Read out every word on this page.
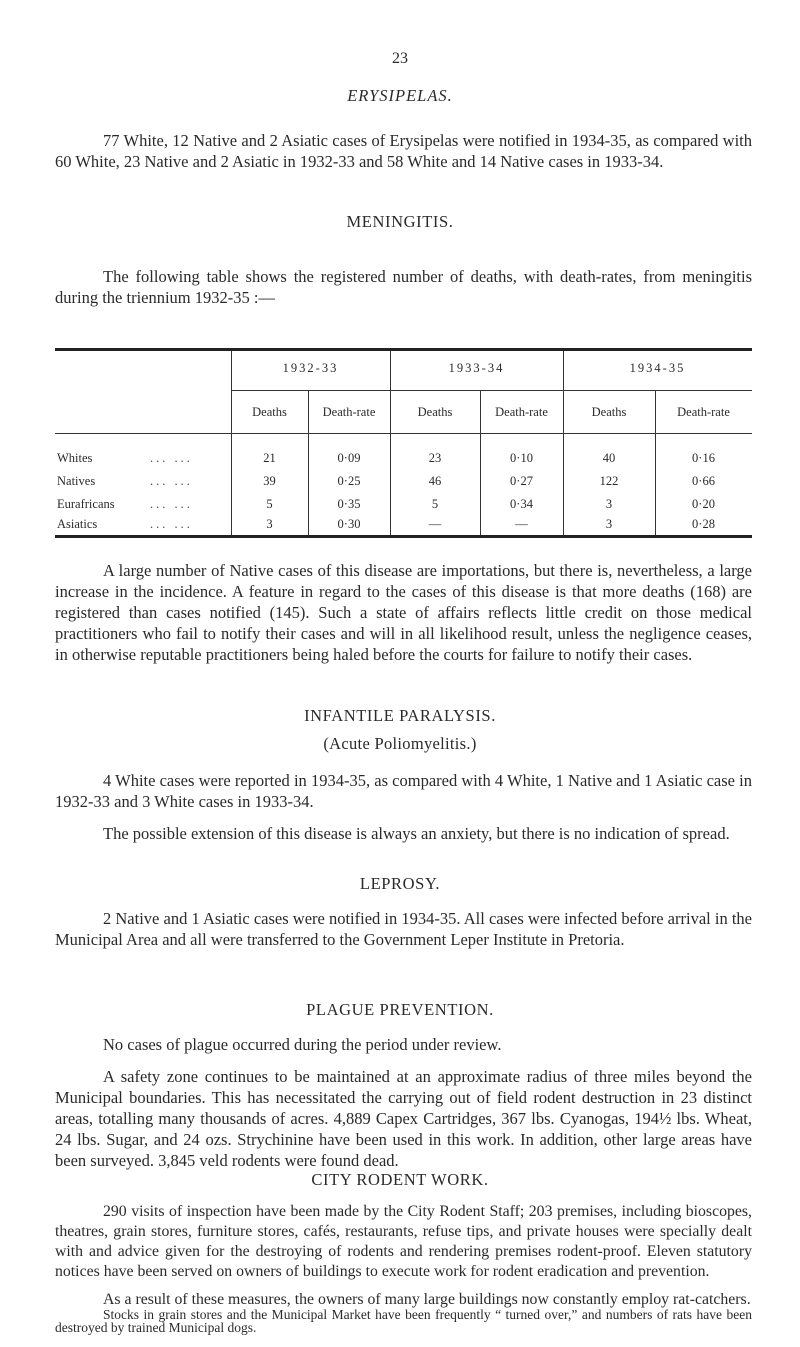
23
ERYSIPELAS.

77 White, 12 Native and 2 Asiatic cases of Erysipelas were notified in 1934-35, as compared with 60 White, 23 Native and 2 Asiatic in 1932-33 and 58 White and 14 Native cases in 1933-34.

MENINGITIS.

The following table shows the registered number of deaths, with death-rates, from meningitis during the triennium 1932-35 :—

1932-33	1933-34	1934-35
Deaths	Death-rate	Deaths	Death-rate	Deaths	Death-rate
Whites	... ...	21	0·09	23	0·10	40	0·16
Natives	... ...	39	0·25	46	0·27	122	0·66
Eurafricans	... ...	5	0·35	5	0·34	3	0·20
Asiatics	... ...	3	0·30	—	—	3	0·28

A large number of Native cases of this disease are importations, but there is, nevertheless, a large increase in the incidence. A feature in regard to the cases of this disease is that more deaths (168) are registered than cases notified (145). Such a state of affairs reflects little credit on those medical practitioners who fail to notify their cases and will in all likelihood result, unless the negligence ceases, in otherwise reputable practitioners being haled before the courts for failure to notify their cases.

INFANTILE PARALYSIS.
(Acute Poliomyelitis.)

4 White cases were reported in 1934-35, as compared with 4 White, 1 Native and 1 Asiatic case in 1932-33 and 3 White cases in 1933-34.

The possible extension of this disease is always an anxiety, but there is no indication of spread.

LEPROSY.

2 Native and 1 Asiatic cases were notified in 1934-35. All cases were infected before arrival in the Municipal Area and all were transferred to the Government Leper Institute in Pretoria.

PLAGUE PREVENTION.

No cases of plague occurred during the period under review.

A safety zone continues to be maintained at an approximate radius of three miles beyond the Municipal boundaries. This has necessitated the carrying out of field rodent destruction in 23 distinct areas, totalling many thousands of acres. 4,889 Capex Cartridges, 367 lbs. Cyanogas, 194½ lbs. Wheat, 24 lbs. Sugar, and 24 ozs. Strychinine have been used in this work. In addition, other large areas have been surveyed. 3,845 veld rodents were found dead.

CITY RODENT WORK.

290 visits of inspection have been made by the City Rodent Staff; 203 premises, including bioscopes, theatres, grain stores, furniture stores, cafés, restaurants, refuse tips, and private houses were specially dealt with and advice given for the destroying of rodents and rendering premises rodent-proof. Eleven statutory notices have been served on owners of buildings to execute work for rodent eradication and prevention.

As a result of these measures, the owners of many large buildings now constantly employ rat-catchers.

Stocks in grain stores and the Municipal Market have been frequently “ turned over,” and numbers of rats have been destroyed by trained Municipal dogs.
